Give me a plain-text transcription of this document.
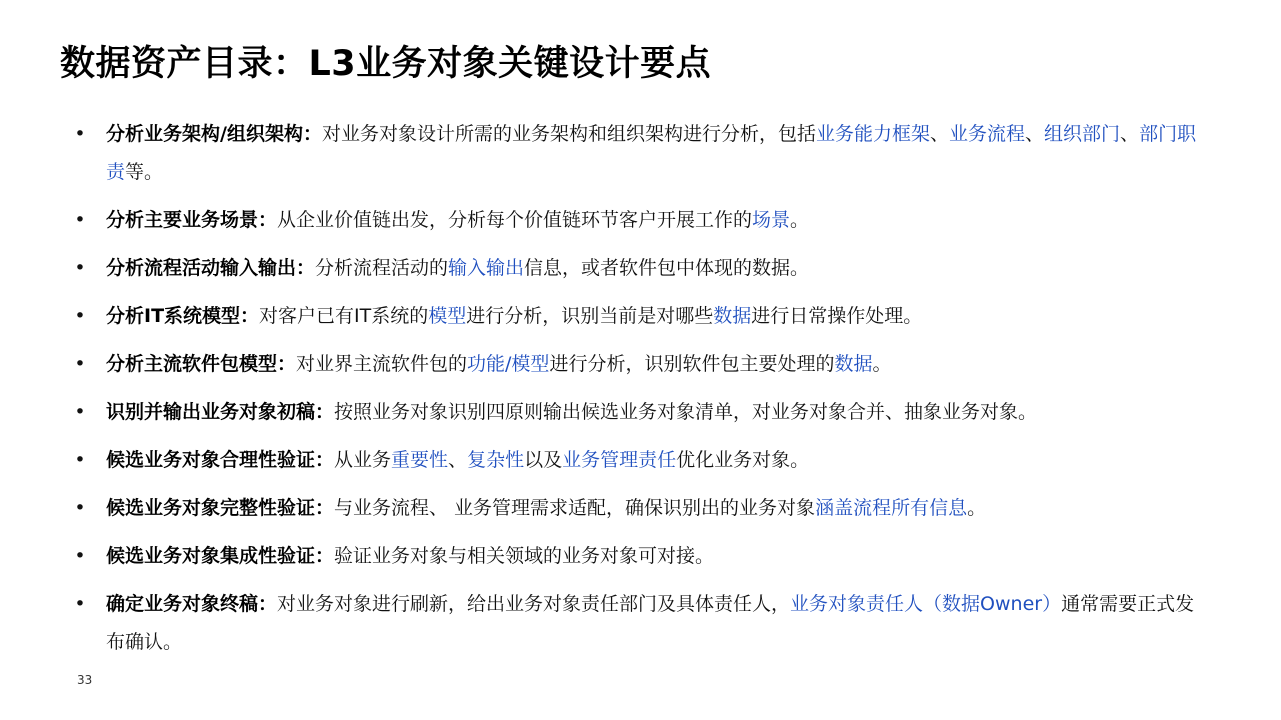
数据资产目录：L3业务对象关键设计要点
• 分析业务架构/组织架构：对业务对象设计所需的业务架构和组织架构进行分析，包括业务能力框架、业务流程、组织部门、部门职责等。
• 分析主要业务场景：从企业价值链出发，分析每个价值链环节客户开展工作的场景。
• 分析流程活动输入输出：分析流程活动的输入输出信息，或者软件包中体现的数据。
• 分析IT系统模型：对客户已有IT系统的模型进行分析，识别当前是对哪些数据进行日常操作处理。
• 分析主流软件包模型：对业界主流软件包的功能/模型进行分析，识别软件包主要处理的数据。
• 识别并输出业务对象初稿：按照业务对象识别四原则输出候选业务对象清单，对业务对象合并、抽象业务对象。
• 候选业务对象合理性验证：从业务重要性、复杂性以及业务管理责任优化业务对象。
• 候选业务对象完整性验证：与业务流程、 业务管理需求适配，确保识别出的业务对象涵盖流程所有信息。
• 候选业务对象集成性验证：验证业务对象与相关领域的业务对象可对接。
• 确定业务对象终稿：对业务对象进行刷新，给出业务对象责任部门及具体责任人，业务对象责任人（数据Owner）通常需要正式发布确认。
33
